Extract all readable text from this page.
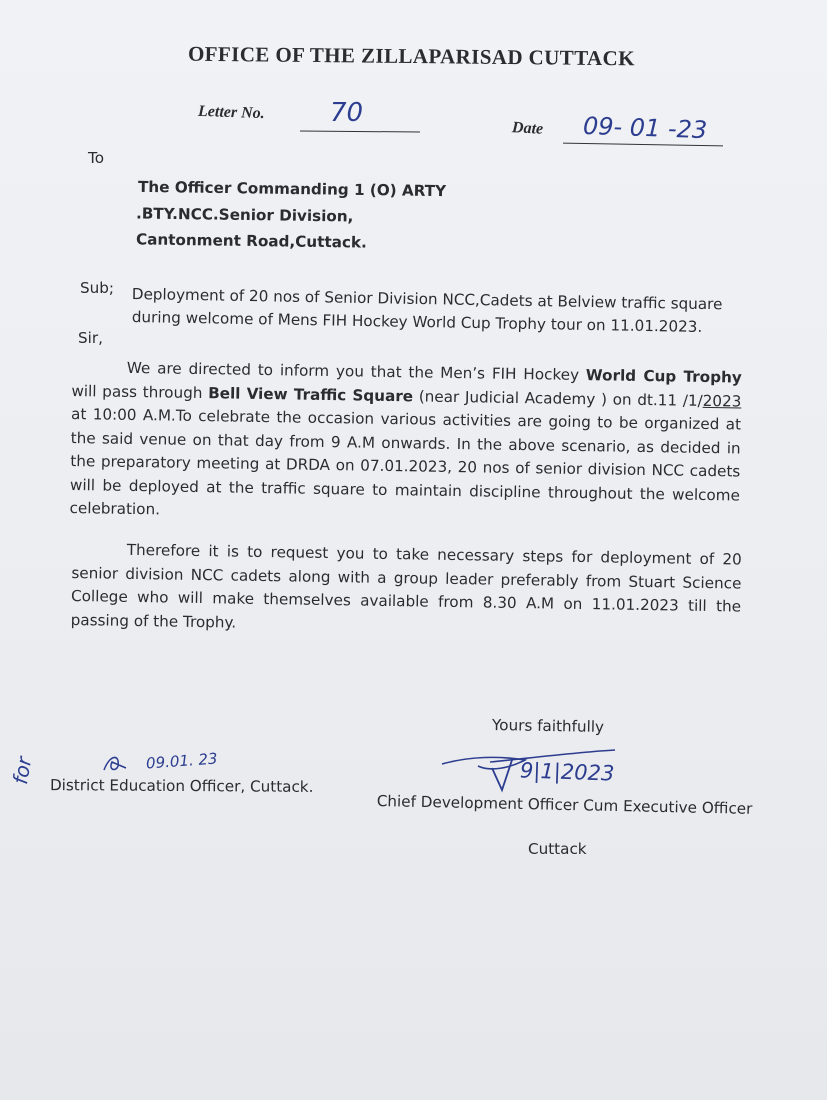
OFFICE OF THE ZILLAPARISAD CUTTACK
Letter No.	70
Date 09- 01 -23
To
The Officer Commanding 1 (O) ARTY
.BTY.NCC.Senior Division,
Cantonment Road,Cuttack.
Sub; Deployment of 20 nos of Senior Division NCC,Cadets at Belview traffic square
during welcome of Mens FIH Hockey World Cup Trophy tour on 11.01.2023.
Sir,
We are directed to inform you that the Men’s FIH Hockey World Cup Trophy will pass through Bell View Traffic Square (near Judicial Academy ) on dt.11 /1/2023 at 10:00 A.M.To celebrate the occasion various activities are going to be organized at the said venue on that day from 9 A.M onwards. In the above scenario, as decided in the preparatory meeting at DRDA on 07.01.2023, 20 nos of senior division NCC cadets will be deployed at the traffic square to maintain discipline throughout the welcome celebration.
Therefore it is to request you to take necessary steps for deployment of 20 senior division NCC cadets along with a group leader preferably from Stuart Science College who will make themselves available from 8.30 A.M on 11.01.2023 till the passing of the Trophy.
Yours faithfully
9|1|2023
Chief Development Officer Cum Executive Officer
Cuttack
for	09.01. 23
District Education Officer, Cuttack.
